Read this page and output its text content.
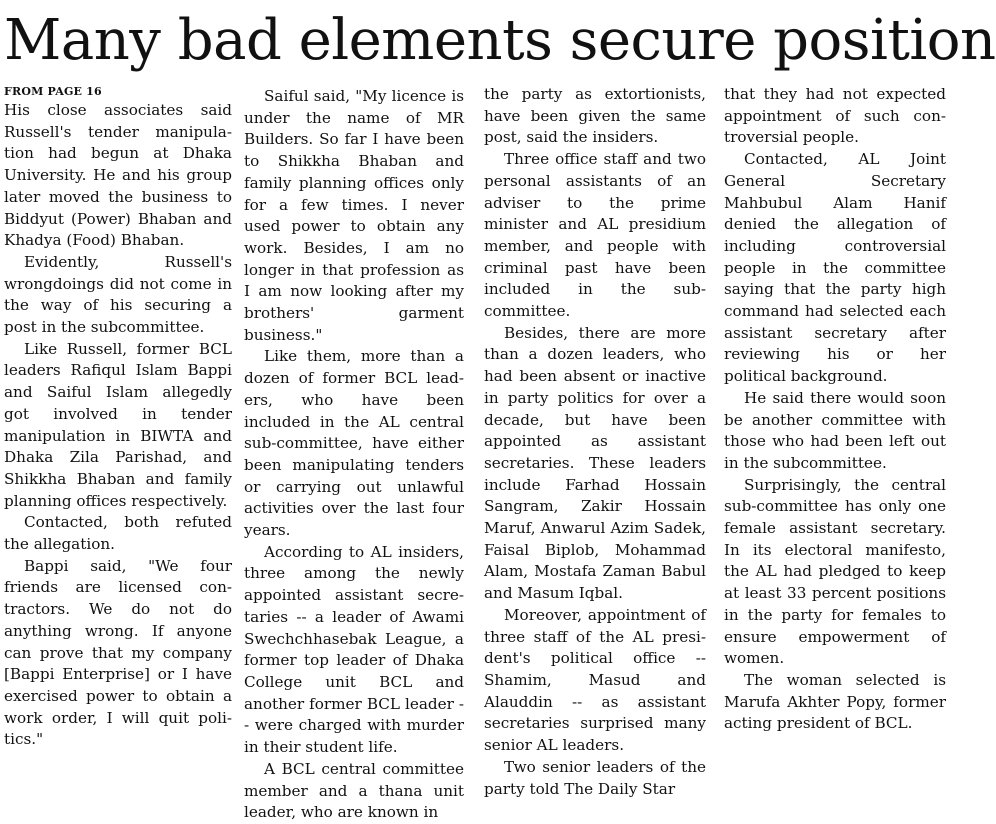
Many bad elements secure position

FROM PAGE 16

His close associates said Russell's tender manipulation had begun at Dhaka University. He and his group later moved the business to Biddyut (Power) Bhaban and Khadya (Food) Bhaban.

Evidently, Russell's wrongdoings did not come in the way of his securing a post in the subcommittee.

Like Russell, former BCL leaders Rafiqul Islam Bappi and Saiful Islam allegedly got involved in tender manipulation in BIWTA and Dhaka Zila Parishad, and Shikkha Bhaban and family planning offices respectively.

Contacted, both refuted the allegation.

Bappi said, "We four friends are licensed contractors. We do not do anything wrong. If anyone can prove that my company [Bappi Enterprise] or I have exercised power to obtain a work order, I will quit politics."

Saiful said, "My licence is under the name of MR Builders. So far I have been to Shikkha Bhaban and family planning offices only for a few times. I never used power to obtain any work. Besides, I am no longer in that profession as I am now looking after my brothers' garment business."

Like them, more than a dozen of former BCL leaders, who have been included in the AL central sub-committee, have either been manipulating tenders or carrying out unlawful activities over the last four years.

According to AL insiders, three among the newly appointed assistant secretaries -- a leader of Awami Swechchhasebak League, a former top leader of Dhaka College unit BCL and another former BCL leader -- were charged with murder in their student life.

A BCL central committee member and a thana unit leader, who are known in

the party as extortionists, have been given the same post, said the insiders.

Three office staff and two personal assistants of an adviser to the prime minister and AL presidium member, and people with criminal past have been included in the subcommittee.

Besides, there are more than a dozen leaders, who had been absent or inactive in party politics for over a decade, but have been appointed as assistant secretaries. These leaders include Farhad Hossain Sangram, Zakir Hossain Maruf, Anwarul Azim Sadek, Faisal Biplob, Mohammad Alam, Mostafa Zaman Babul and Masum Iqbal.

Moreover, appointment of three staff of the AL president's political office -- Shamim, Masud and Alauddin -- as assistant secretaries surprised many senior AL leaders.

Two senior leaders of the party told The Daily Star

that they had not expected appointment of such controversial people.

Contacted, AL Joint General Secretary Mahbubul Alam Hanif denied the allegation of including controversial people in the committee saying that the party high command had selected each assistant secretary after reviewing his or her political background.

He said there would soon be another committee with those who had been left out in the subcommittee.

Surprisingly, the central sub-committee has only one female assistant secretary. In its electoral manifesto, the AL had pledged to keep at least 33 percent positions in the party for females to ensure empowerment of women.

The woman selected is Marufa Akhter Popy, former acting president of BCL.
